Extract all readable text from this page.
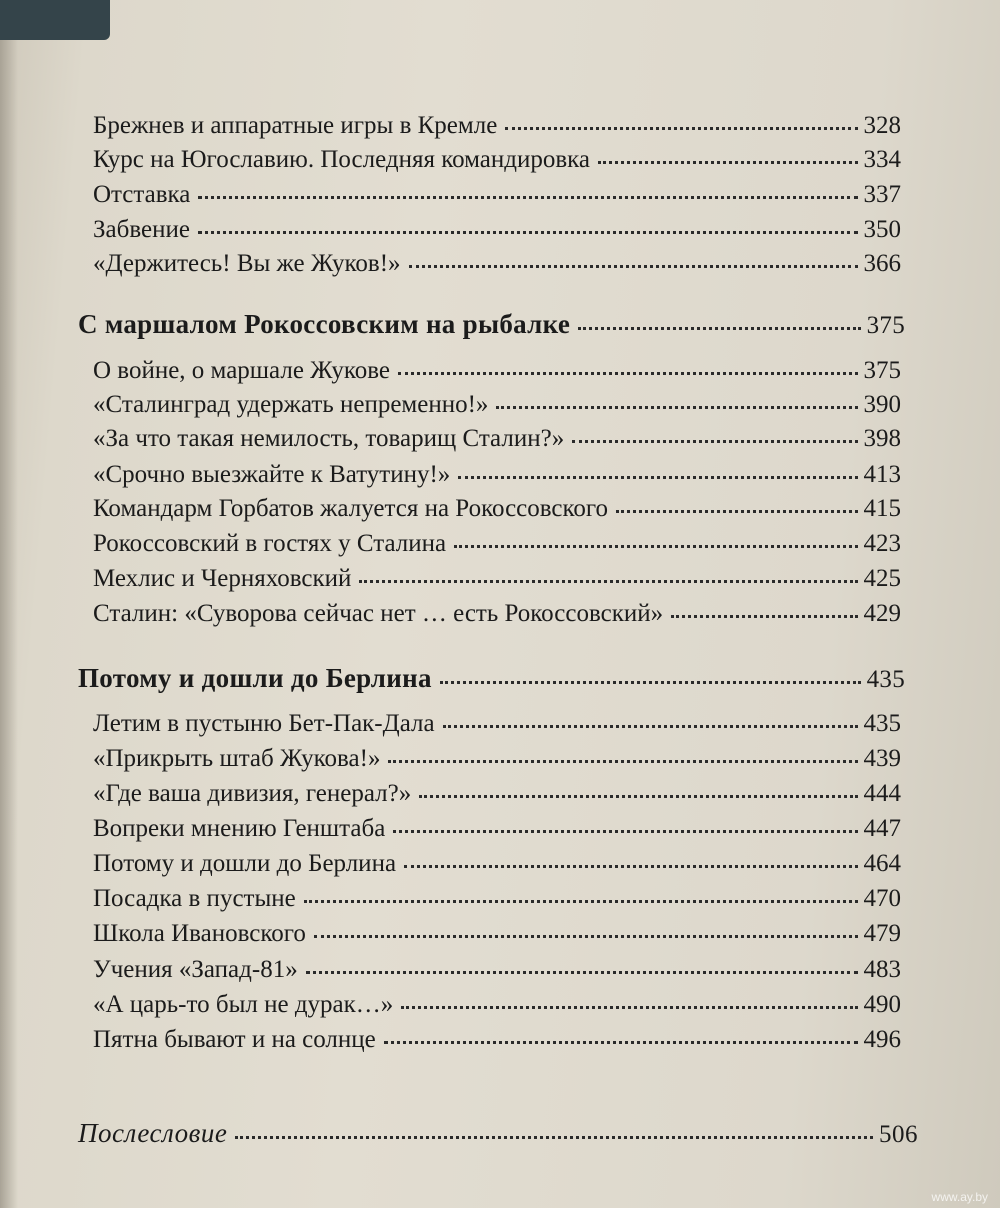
Брежнев и аппаратные игры в Кремле	328
Курс на Югославию. Последняя командировка	334
Отставка	337
Забвение	350
«Держитесь! Вы же Жуков!»	366
С маршалом Рокоссовским на рыбалке	375
О войне, о маршале Жукове	375
«Сталинград удержать непременно!»	390
«За что такая немилость, товарищ Сталин?»	398
«Срочно выезжайте к Ватутину!»	413
Командарм Горбатов жалуется на Рокоссовского	415
Рокоссовский в гостях у Сталина	423
Мехлис и Черняховский	425
Сталин: «Суворова сейчас нет … есть Рокоссовский»	429
Потому и дошли до Берлина	435
Летим в пустыню Бет-Пак-Дала	435
«Прикрыть штаб Жукова!»	439
«Где ваша дивизия, генерал?»	444
Вопреки мнению Генштаба	447
Потому и дошли до Берлина	464
Посадка в пустыне	470
Школа Ивановского	479
Учения «Запад-81»	483
«А царь-то был не дурак…»	490
Пятна бывают и на солнце	496
Послесловие	506
www.ay.by
